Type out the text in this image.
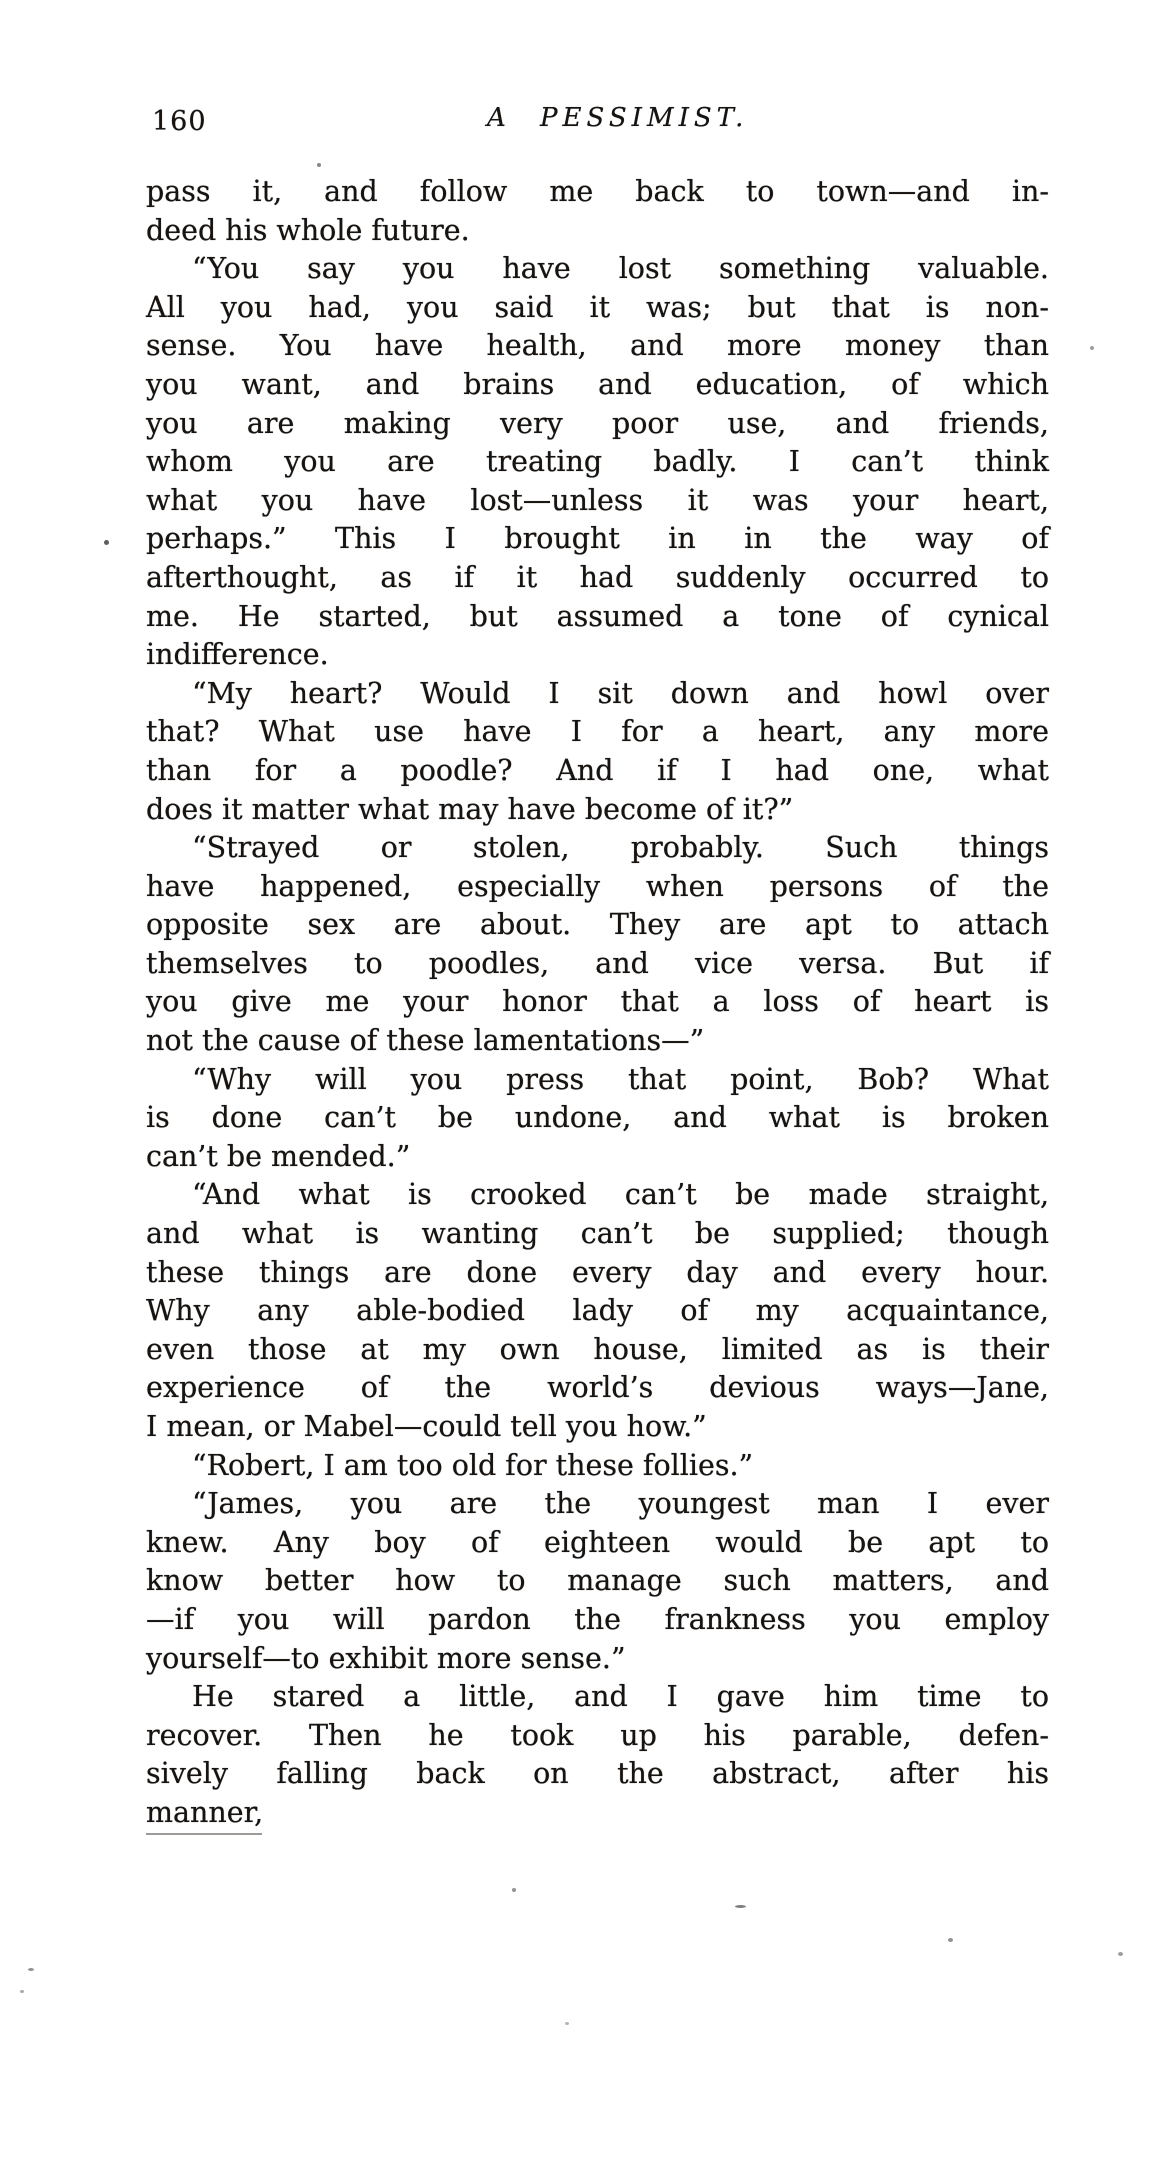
160	A PESSIMIST.
pass it, and follow me back to town—and in-
deed his whole future.
“You say you have lost something valuable.
All you had, you said it was; but that is non-
sense. You have health, and more money than
you want, and brains and education, of which
you are making very poor use, and friends,
whom you are treating badly. I can’t think
what you have lost—unless it was your heart,
perhaps.” This I brought in in the way of
afterthought, as if it had suddenly occurred to
me. He started, but assumed a tone of cynical
indifference.
“My heart? Would I sit down and howl over
that? What use have I for a heart, any more
than for a poodle? And if I had one, what
does it matter what may have become of it?”
“Strayed or stolen, probably. Such things
have happened, especially when persons of the
opposite sex are about. They are apt to attach
themselves to poodles, and vice versa. But if
you give me your honor that a loss of heart is
not the cause of these lamentations—”
“Why will you press that point, Bob? What
is done can’t be undone, and what is broken
can’t be mended.”
“And what is crooked can’t be made straight,
and what is wanting can’t be supplied; though
these things are done every day and every hour.
Why any able-bodied lady of my acquaintance,
even those at my own house, limited as is their
experience of the world’s devious ways—Jane,
I mean, or Mabel—could tell you how.”
“Robert, I am too old for these follies.”
“James, you are the youngest man I ever
knew. Any boy of eighteen would be apt to
know better how to manage such matters, and
—if you will pardon the frankness you employ
yourself—to exhibit more sense.”
He stared a little, and I gave him time to
recover. Then he took up his parable, defen-
sively falling back on the abstract, after his
manner,
